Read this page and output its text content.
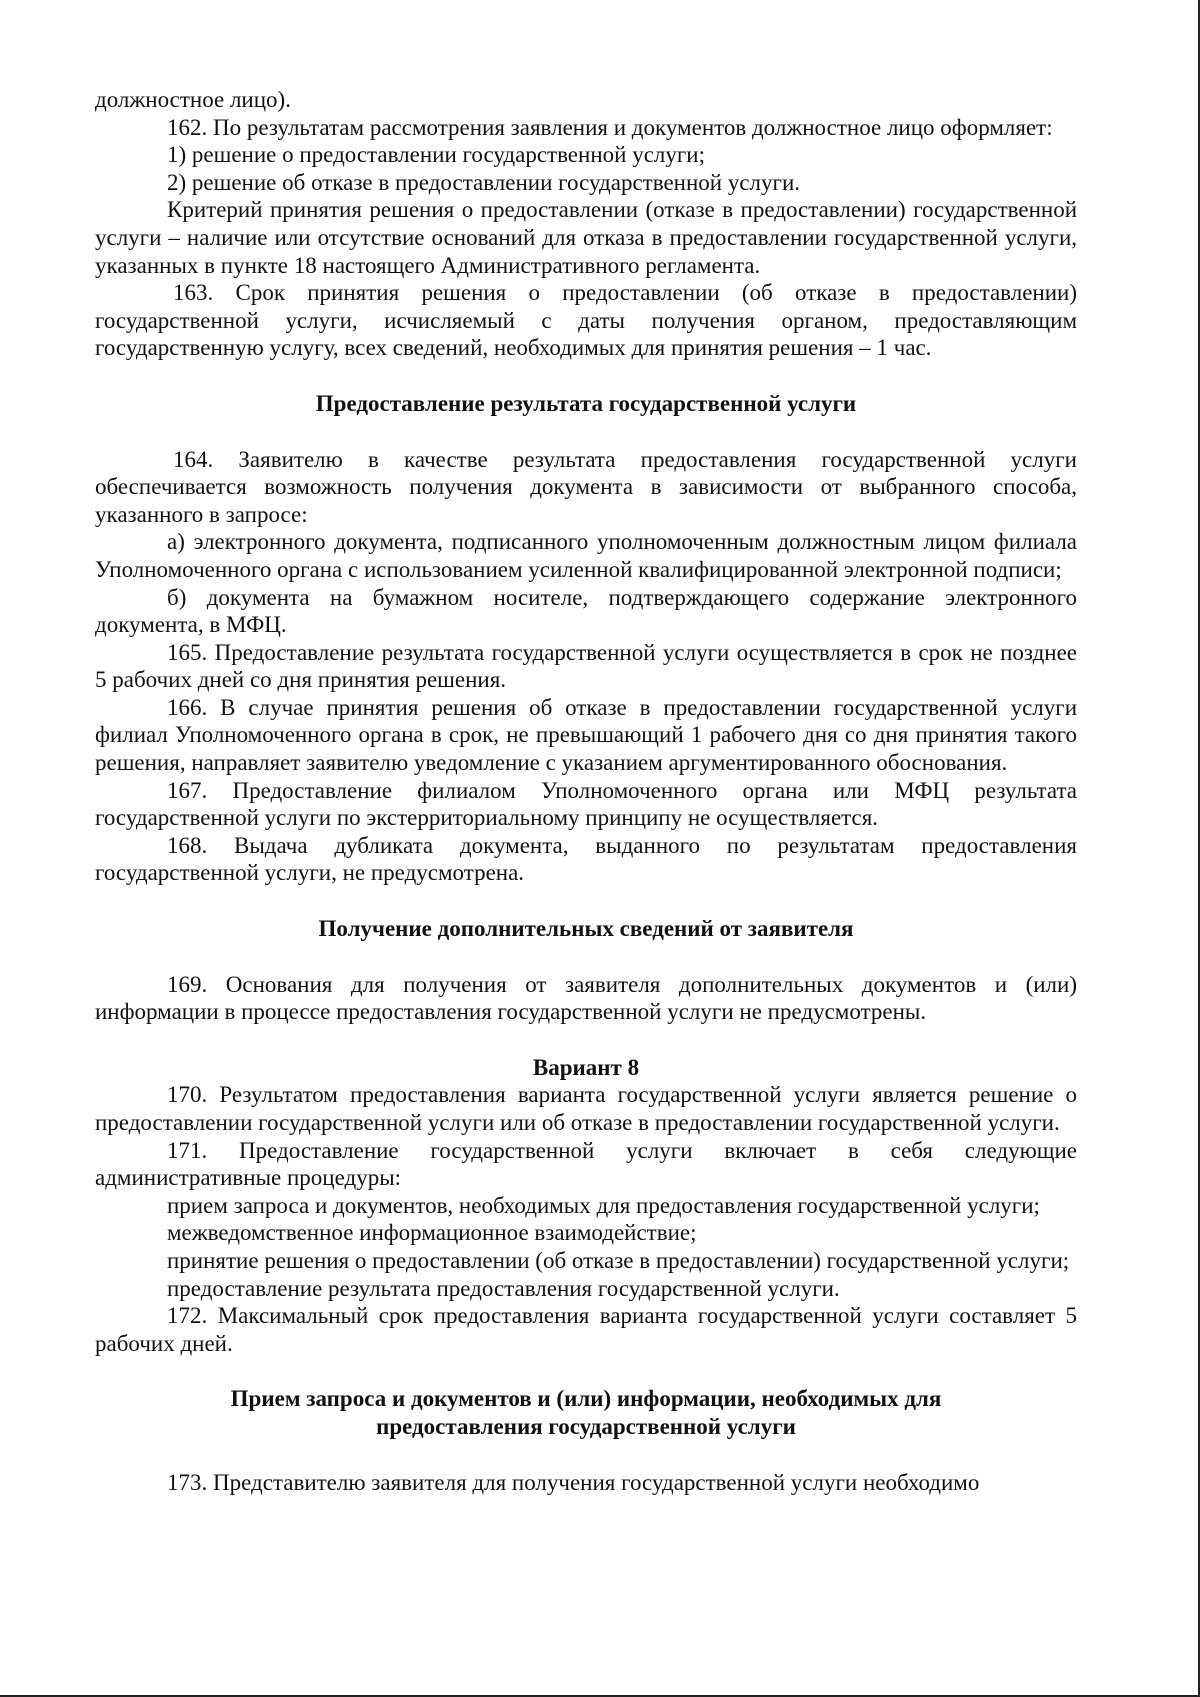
должностное лицо).

162. По результатам рассмотрения заявления и документов должностное лицо оформляет:

1) решение о предоставлении государственной услуги;

2) решение об отказе в предоставлении государственной услуги.

Критерий принятия решения о предоставлении (отказе в предоставлении) государственной услуги – наличие или отсутствие оснований для отказа в предоставлении государственной услуги, указанных в пункте 18 настоящего Административного регламента.

163. Срок принятия решения о предоставлении (об отказе в предоставлении) государственной услуги, исчисляемый с даты получения органом, предоставляющим государственную услугу, всех сведений, необходимых для принятия решения – 1 час.

Предоставление результата государственной услуги

164. Заявителю в качестве результата предоставления государственной услуги обеспечивается возможность получения документа в зависимости от выбранного способа, указанного в запросе:

а) электронного документа, подписанного уполномоченным должностным лицом филиала Уполномоченного органа с использованием усиленной квалифицированной электронной подписи;

б) документа на бумажном носителе, подтверждающего содержание электронного документа, в МФЦ.

165. Предоставление результата государственной услуги осуществляется в срок не позднее 5 рабочих дней со дня принятия решения.

166. В случае принятия решения об отказе в предоставлении государственной услуги филиал Уполномоченного органа в срок, не превышающий 1 рабочего дня со дня принятия такого решения, направляет заявителю уведомление с указанием аргументированного обоснования.

167. Предоставление филиалом Уполномоченного органа или МФЦ результата государственной услуги по экстерриториальному принципу не осуществляется.

168. Выдача дубликата документа, выданного по результатам предоставления государственной услуги, не предусмотрена.

Получение дополнительных сведений от заявителя

169. Основания для получения от заявителя дополнительных документов и (или) информации в процессе предоставления государственной услуги не предусмотрены.

Вариант 8

170. Результатом предоставления варианта государственной услуги является решение о предоставлении государственной услуги или об отказе в предоставлении государственной услуги.

171. Предоставление государственной услуги включает в себя следующие административные процедуры:

прием запроса и документов, необходимых для предоставления государственной услуги;

межведомственное информационное взаимодействие;

принятие решения о предоставлении (об отказе в предоставлении) государственной услуги;

предоставление результата предоставления государственной услуги.

172. Максимальный срок предоставления варианта государственной услуги составляет 5 рабочих дней.

Прием запроса и документов и (или) информации, необходимых для

предоставления государственной услуги

173. Представителю заявителя для получения государственной услуги необходимо
